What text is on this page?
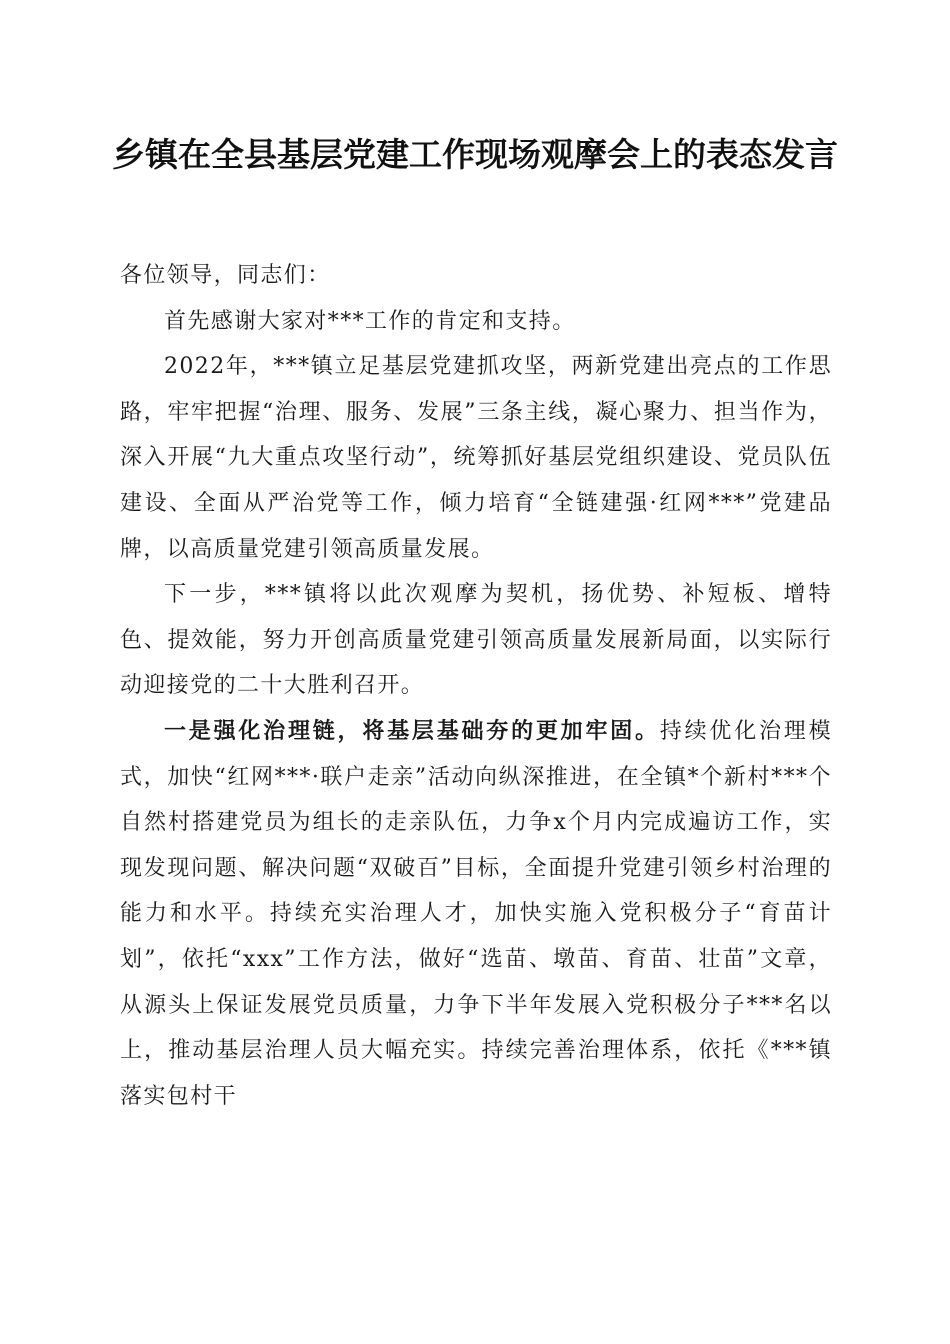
乡镇在全县基层党建工作现场观摩会上的表态发言

各位领导，同志们：

首先感谢大家对***工作的肯定和支持。

2022年，***镇立足基层党建抓攻坚，两新党建出亮点的工作思路，牢牢把握“治理、服务、发展”三条主线，凝心聚力、担当作为，深入开展“九大重点攻坚行动”，统筹抓好基层党组织建设、党员队伍建设、全面从严治党等工作，倾力培育“全链建强·红网***”党建品牌，以高质量党建引领高质量发展。

下一步，***镇将以此次观摩为契机，扬优势、补短板、增特色、提效能，努力开创高质量党建引领高质量发展新局面，以实际行动迎接党的二十大胜利召开。

一是强化治理链，将基层基础夯的更加牢固。持续优化治理模式，加快“红网***·联户走亲”活动向纵深推进，在全镇*个新村***个自然村搭建党员为组长的走亲队伍，力争x个月内完成遍访工作，实现发现问题、解决问题“双破百”目标，全面提升党建引领乡村治理的能力和水平。持续充实治理人才，加快实施入党积极分子“育苗计划”，依托“xxx”工作方法，做好“选苗、墩苗、育苗、壮苗”文章，从源头上保证发展党员质量，力争下半年发展入党积极分子***名以上，推动基层治理人员大幅充实。持续完善治理体系，依托《***镇落实包村干
